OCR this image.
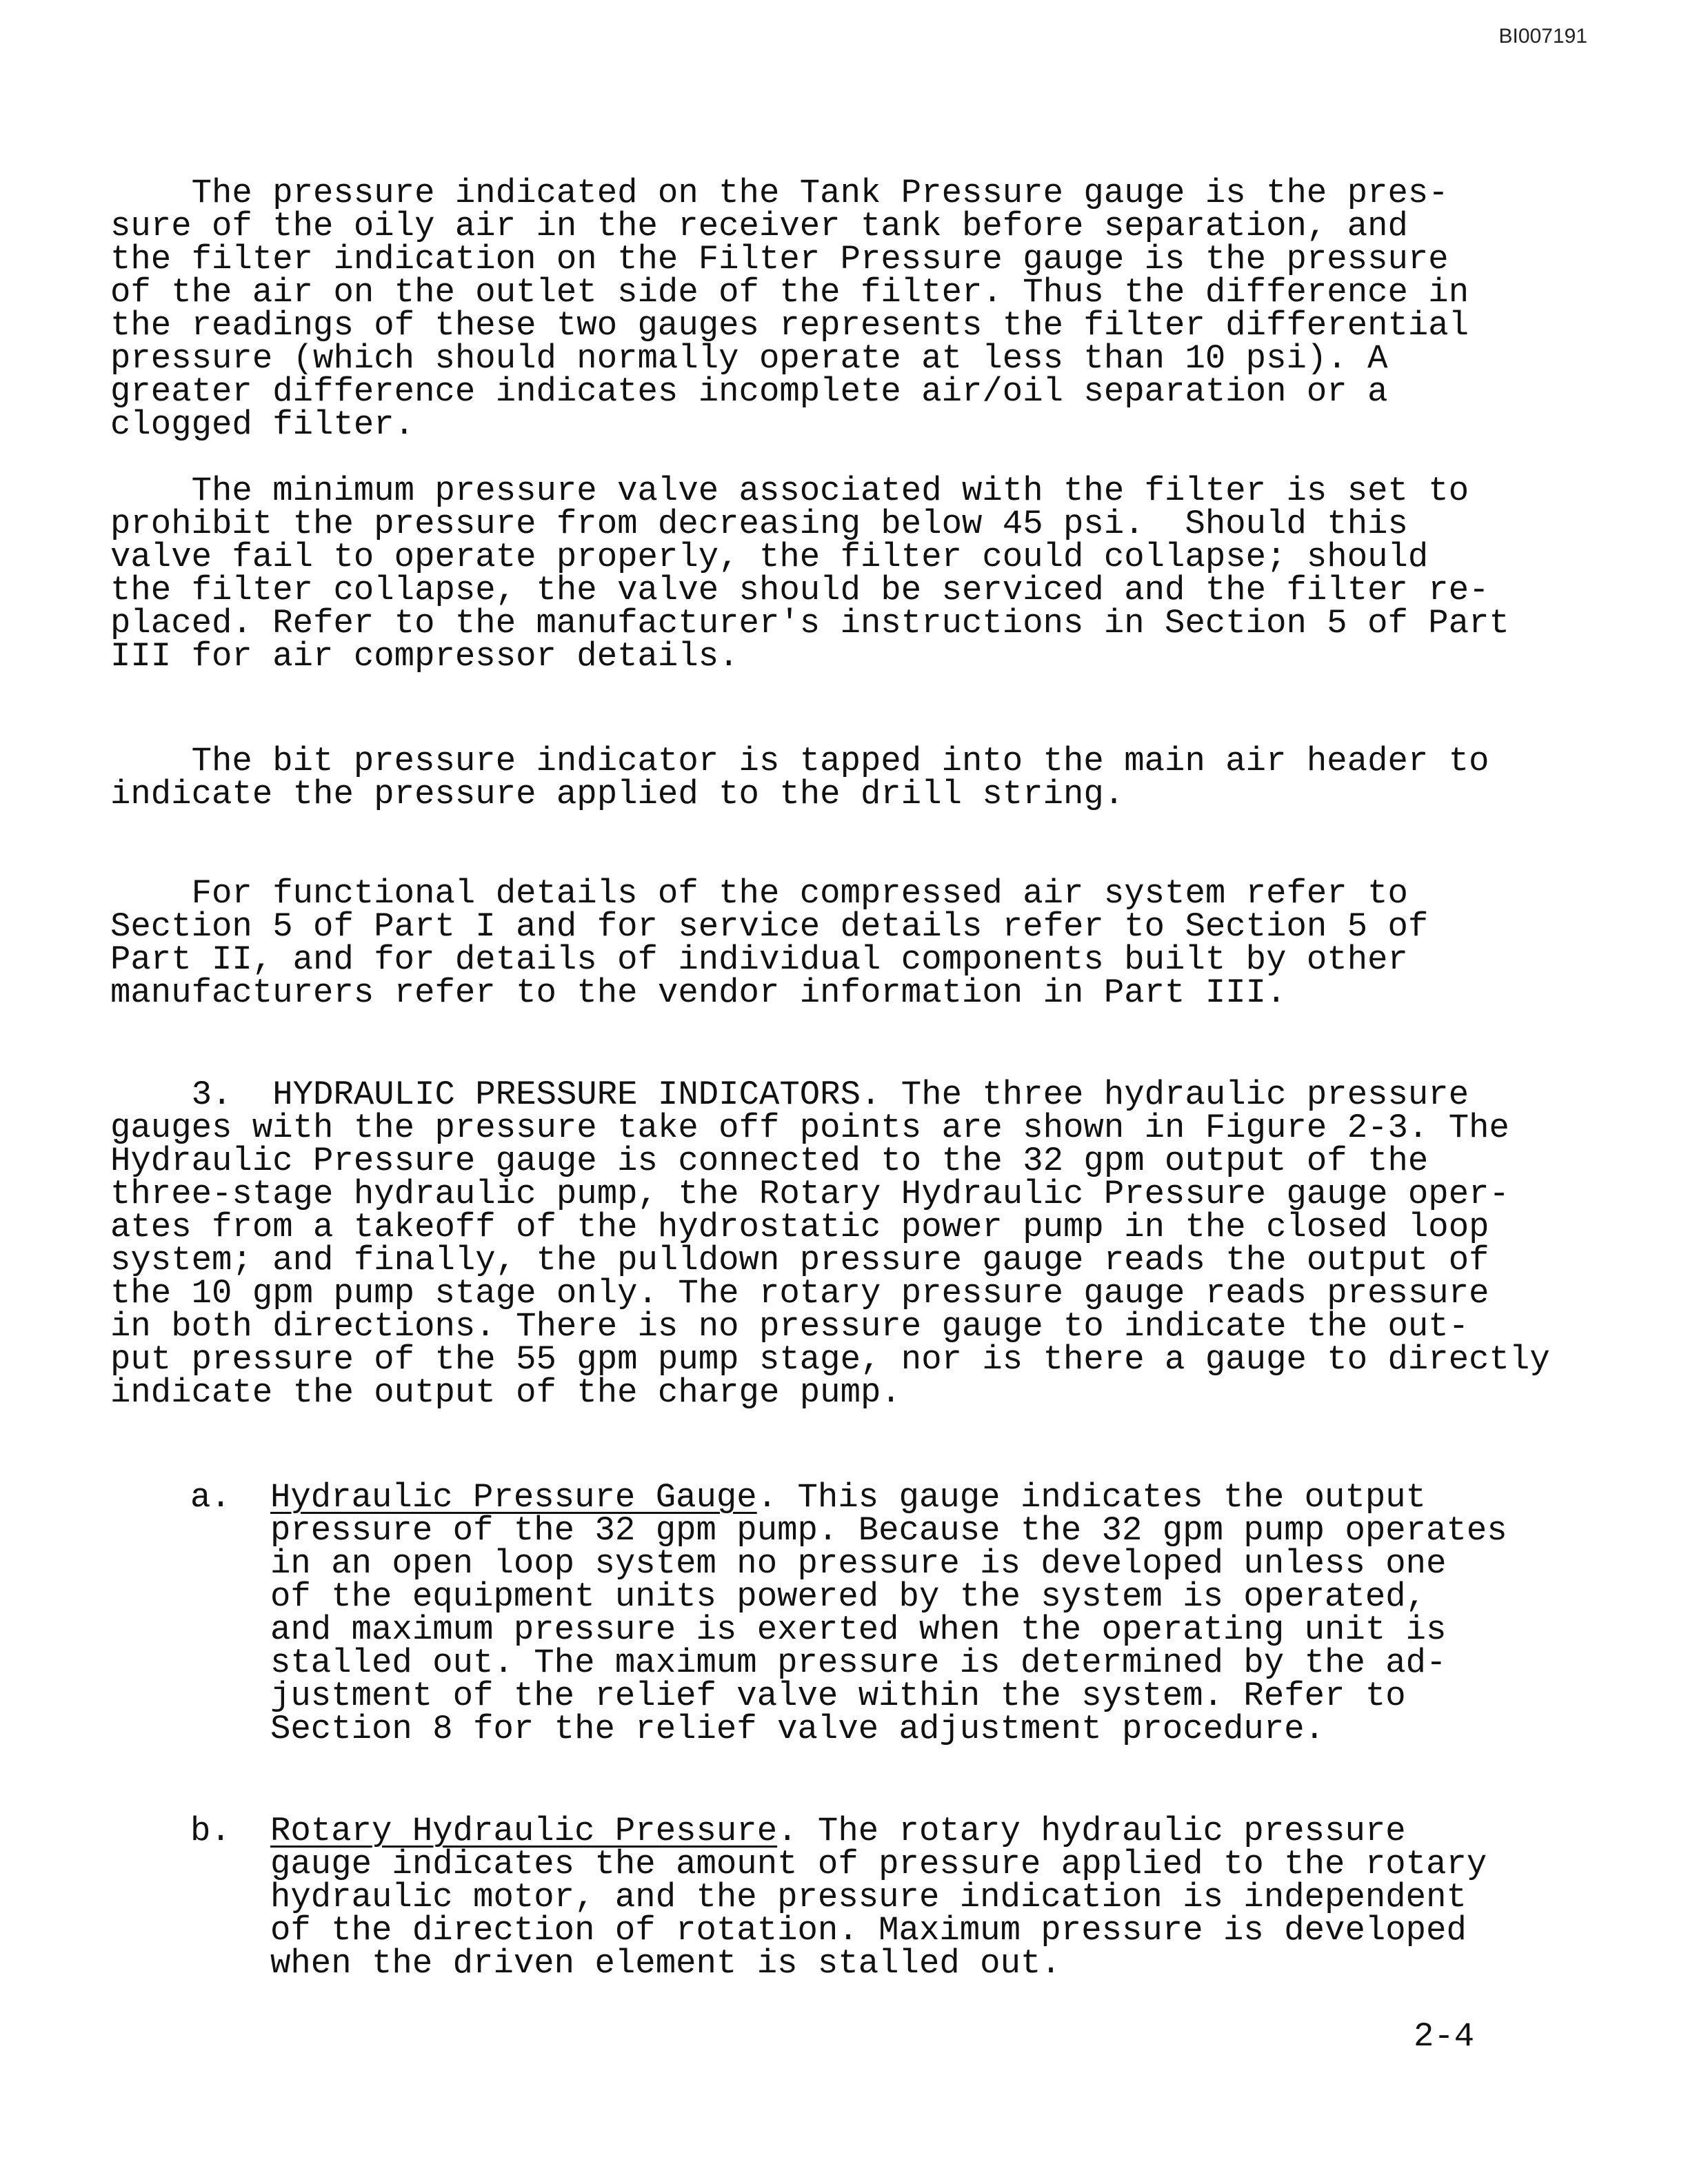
BI007191

The pressure indicated on the Tank Pressure gauge is the pres-
sure of the oily air in the receiver tank before separation, and
the filter indication on the Filter Pressure gauge is the pressure
of the air on the outlet side of the filter. Thus the difference in
the readings of these two gauges represents the filter differential
pressure (which should normally operate at less than 10 psi). A
greater difference indicates incomplete air/oil separation or a
clogged filter.

The minimum pressure valve associated with the filter is set to
prohibit the pressure from decreasing below 45 psi.  Should this
valve fail to operate properly, the filter could collapse; should
the filter collapse, the valve should be serviced and the filter re-
placed. Refer to the manufacturer's instructions in Section 5 of Part
III for air compressor details.

The bit pressure indicator is tapped into the main air header to
indicate the pressure applied to the drill string.

For functional details of the compressed air system refer to
Section 5 of Part I and for service details refer to Section 5 of
Part II, and for details of individual components built by other
manufacturers refer to the vendor information in Part III.

3.  HYDRAULIC PRESSURE INDICATORS. The three hydraulic pressure
gauges with the pressure take off points are shown in Figure 2-3. The
Hydraulic Pressure gauge is connected to the 32 gpm output of the
three-stage hydraulic pump, the Rotary Hydraulic Pressure gauge oper-
ates from a takeoff of the hydrostatic power pump in the closed loop
system; and finally, the pulldown pressure gauge reads the output of
the 10 gpm pump stage only. The rotary pressure gauge reads pressure
in both directions. There is no pressure gauge to indicate the out-
put pressure of the 55 gpm pump stage, nor is there a gauge to directly
indicate the output of the charge pump.

a. Hydraulic Pressure Gauge. This gauge indicates the output
pressure of the 32 gpm pump. Because the 32 gpm pump operates
in an open loop system no pressure is developed unless one
of the equipment units powered by the system is operated,
and maximum pressure is exerted when the operating unit is
stalled out. The maximum pressure is determined by the ad-
justment of the relief valve within the system. Refer to
Section 8 for the relief valve adjustment procedure.

b. Rotary Hydraulic Pressure. The rotary hydraulic pressure
gauge indicates the amount of pressure applied to the rotary
hydraulic motor, and the pressure indication is independent
of the direction of rotation. Maximum pressure is developed
when the driven element is stalled out.

2-4
